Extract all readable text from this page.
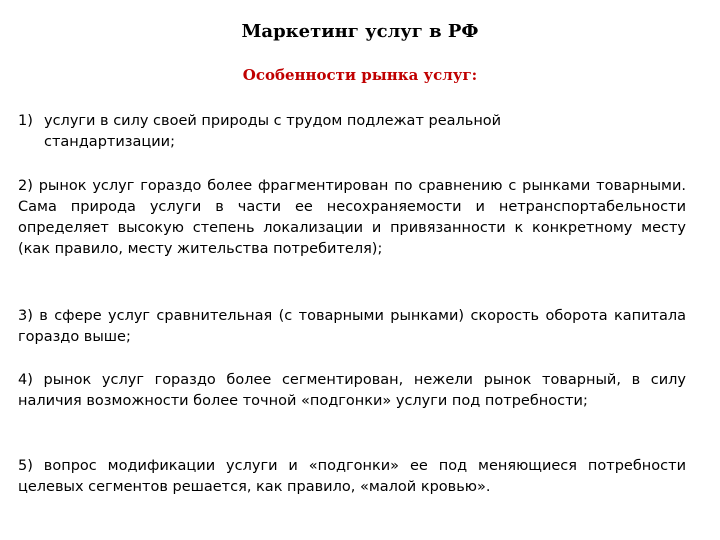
Маркетинг услуг в РФ
Особенности рынка услуг:
1) услуги в силу своей природы с трудом подлежат реальной
стандартизации;

2) рынок услуг гораздо более фрагментирован по сравнению с рынками товарными. Сама природа услуги в части ее несохраняемости и нетранспортабельности определяет высокую степень локализации и привязанности к конкретному месту (как правило, месту жительства потребителя);

3) в сфере услуг сравнительная (с товарными рынками) скорость оборота капитала гораздо выше;

4) рынок услуг гораздо более сегментирован, нежели рынок товарный, в силу наличия возможности более точной «подгонки» услуги под потребности;

5) вопрос модификации услуги и «подгонки» ее под меняющиеся потребности целевых сегментов решается, как правило, «малой кровью».
